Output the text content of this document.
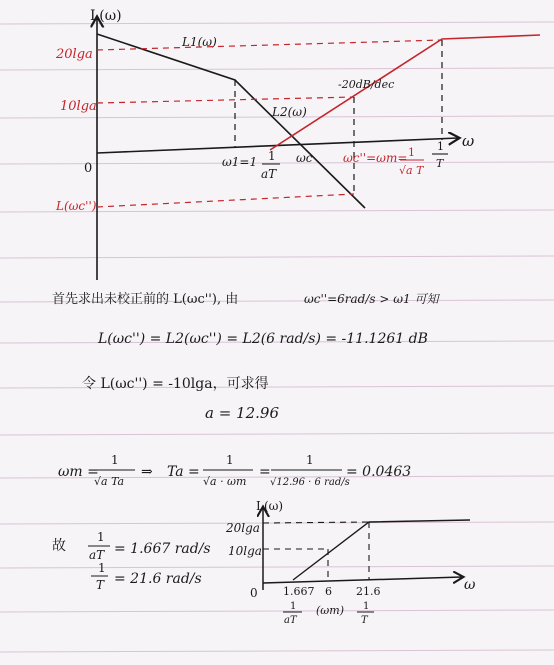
L(ω)
ω
0
20lga
10lga
L(ωc'')
L1(ω)
L2(ω)
-20dB/dec
ω1=1 1
aT
ωc	ωc''=ωm= 1
√a T
1
T
首先求出未校正前的 L(ωc''), 由	ωc''=6rad/s > ω1 可知
L(ωc'') = L2(ωc'') = L2(6 rad/s) = -11.1261 dB
令 L(ωc'') = -10lga，可求得
a = 12.96
ωm =
1
√a Ta
⇒ Ta =
1
√a · ωm
=
1
√12.96 · 6 rad/s
= 0.0463
故
1
aT = 1.667 rad/s
1
T = 21.6 rad/s
L(ω)
ω
0
20lga
10lga
1.667 6 21.6
1
aT
(ωm) 1
T
